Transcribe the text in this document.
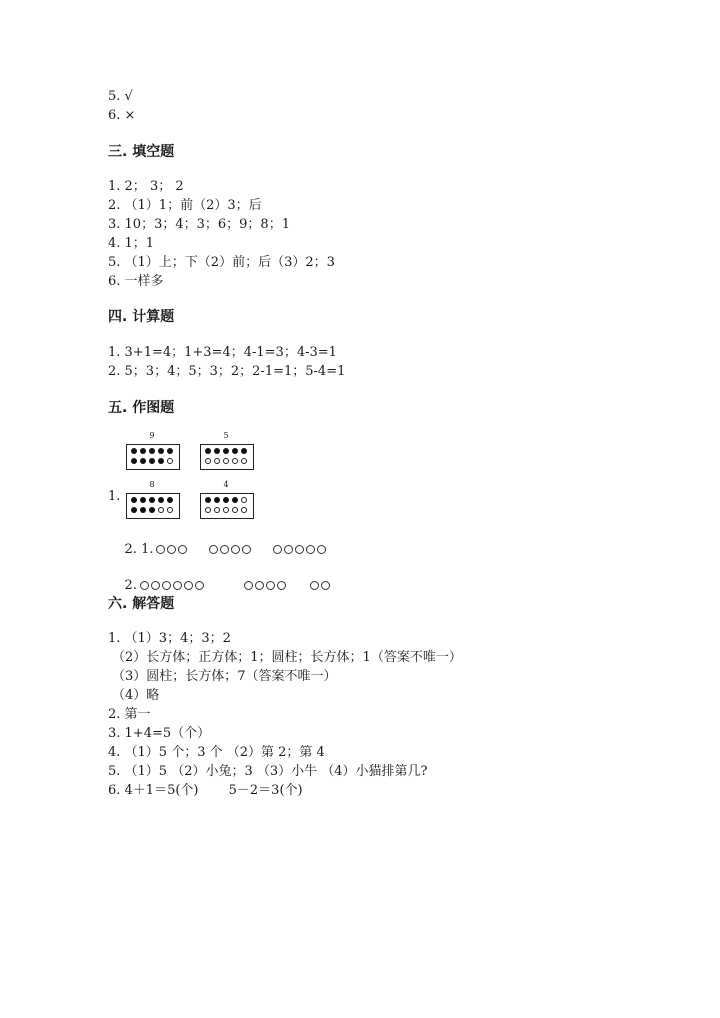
5. √
6. ×
三. 填空题
1. 2； 3； 2
2. （1）1；前（2）3；后
3. 10；3；4；3；6；9；8；1
4. 1；1
5. （1）上；下（2）前；后（3）2；3
6. 一样多
四. 计算题
1. 3+1=4；1+3=4；4-1=3；4-3=1
2. 5；3；4；5；3；2；2-1=1；5-4=1
五. 作图题
9	5
8	4
1.

2. 1.

2.

六. 解答题
1. （1）3；4；3；2
（2）长方体；正方体；1；圆柱；长方体；1（答案不唯一）
（3）圆柱；长方体；7（答案不唯一）
（4）略
2. 第一
3. 1+4=5（个）
4. （1）5 个；3 个 （2）第 2；第 4
5. （1）5 （2）小兔；3 （3）小牛 （4）小猫排第几?
6. 4＋1＝5(个)　　 5－2＝3(个)
